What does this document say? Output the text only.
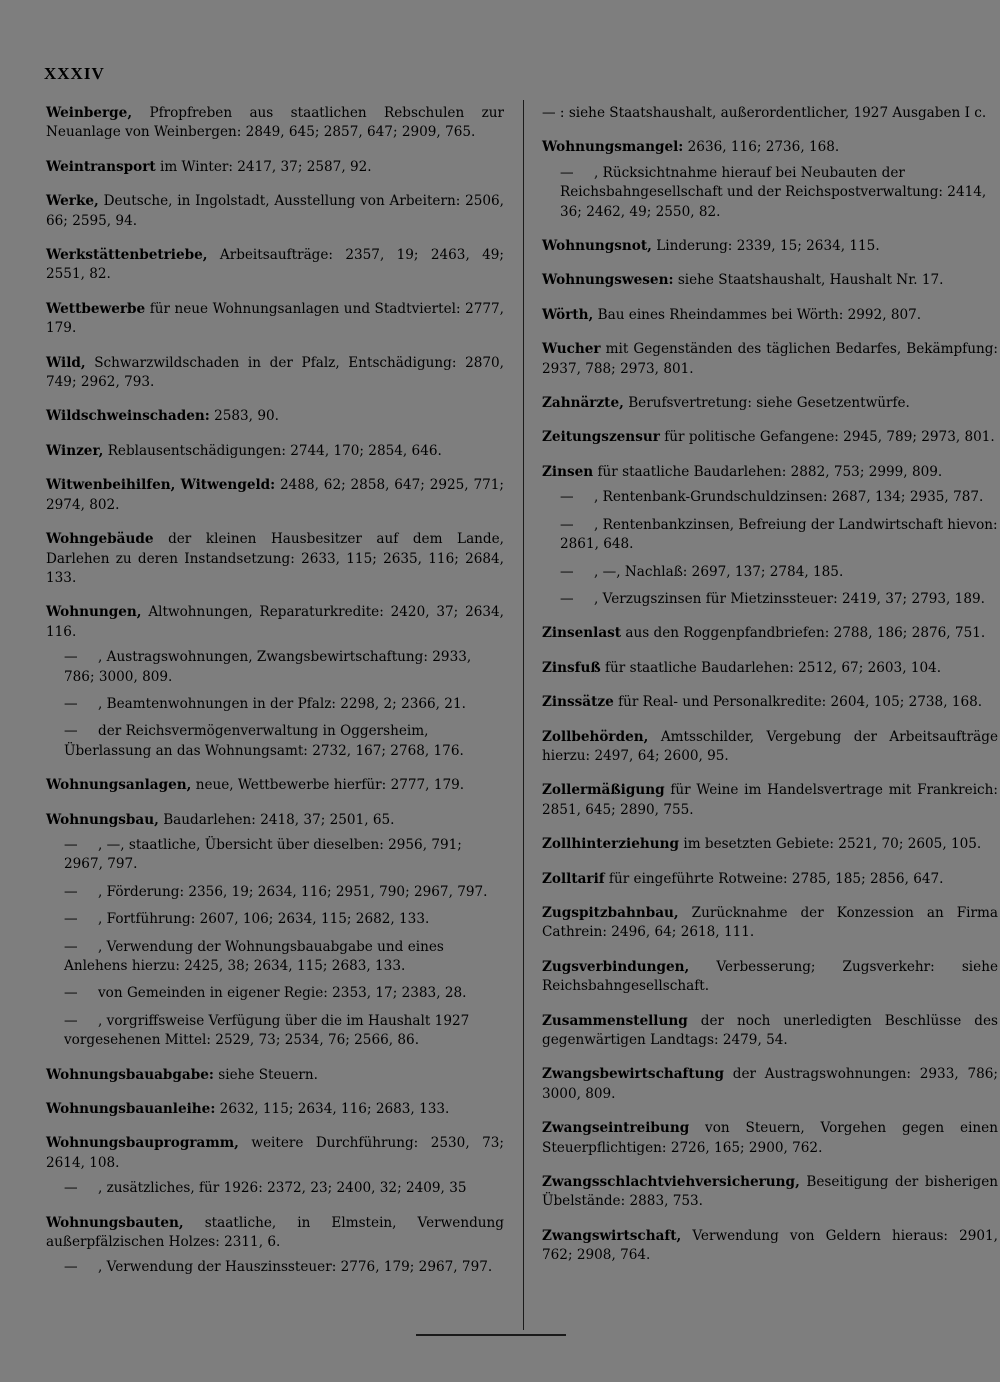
XXXIV
Weinberge, Pfropfreben aus staatlichen Rebschulen zur Neuanlage von Weinbergen: 2849, 645; 2857, 647; 2909, 765.
Weintransport im Winter: 2417, 37; 2587, 92.
Werke, Deutsche, in Ingolstadt, Ausstellung von Arbeitern: 2506, 66; 2595, 94.
Werkstättenbetriebe, Arbeitsaufträge: 2357, 19; 2463, 49; 2551, 82.
Wettbewerbe für neue Wohnungsanlagen und Stadtviertel: 2777, 179.
Wild, Schwarzwildschaden in der Pfalz, Entschädigung: 2870, 749; 2962, 793.
Wildschweinschaden: 2583, 90.
Winzer, Reblausentschädigungen: 2744, 170; 2854, 646.
Witwenbeihilfen, Witwengeld: 2488, 62; 2858, 647; 2925, 771; 2974, 802.
Wohngebäude der kleinen Hausbesitzer auf dem Lande, Darlehen zu deren Instandsetzung: 2633, 115; 2635, 116; 2684, 133.
Wohnungen, Altwohnungen, Reparaturkredite: 2420, 37; 2634, 116.
— , Austragswohnungen, Zwangsbewirtschaftung: 2933, 786; 3000, 809.
— , Beamtenwohnungen in der Pfalz: 2298, 2; 2366, 21.
— der Reichsvermögenverwaltung in Oggersheim, Überlassung an das Wohnungsamt: 2732, 167; 2768, 176.
Wohnungsanlagen, neue, Wettbewerbe hierfür: 2777, 179.
Wohnungsbau, Baudarlehen: 2418, 37; 2501, 65.
— , —, staatliche, Übersicht über dieselben: 2956, 791; 2967, 797.
— , Förderung: 2356, 19; 2634, 116; 2951, 790; 2967, 797.
— , Fortführung: 2607, 106; 2634, 115; 2682, 133.
— , Verwendung der Wohnungsbauabgabe und eines Anlehens hierzu: 2425, 38; 2634, 115; 2683, 133.
— von Gemeinden in eigener Regie: 2353, 17; 2383, 28.
— , vorgriffsweise Verfügung über die im Haushalt 1927 vorgesehenen Mittel: 2529, 73; 2534, 76; 2566, 86.
Wohnungsbauabgabe: siehe Steuern.
Wohnungsbauanleihe: 2632, 115; 2634, 116; 2683, 133.
Wohnungsbauprogramm, weitere Durchführung: 2530, 73; 2614, 108.
— , zusätzliches, für 1926: 2372, 23; 2400, 32; 2409, 35
Wohnungsbauten, staatliche, in Elmstein, Verwendung außerpfälzischen Holzes: 2311, 6.
— , Verwendung der Hauszinssteuer: 2776, 179; 2967, 797.
— : siehe Staatshaushalt, außerordentlicher, 1927 Ausgaben I c.
Wohnungsmangel: 2636, 116; 2736, 168.
— , Rücksichtnahme hierauf bei Neubauten der Reichsbahngesellschaft und der Reichspostverwaltung: 2414, 36; 2462, 49; 2550, 82.
Wohnungsnot, Linderung: 2339, 15; 2634, 115.
Wohnungswesen: siehe Staatshaushalt, Haushalt Nr. 17.
Wörth, Bau eines Rheindammes bei Wörth: 2992, 807.
Wucher mit Gegenständen des täglichen Bedarfes, Bekämpfung: 2937, 788; 2973, 801.
Zahnärzte, Berufsvertretung: siehe Gesetzentwürfe.
Zeitungszensur für politische Gefangene: 2945, 789; 2973, 801.
Zinsen für staatliche Baudarlehen: 2882, 753; 2999, 809.
— , Rentenbank-Grundschuldzinsen: 2687, 134; 2935, 787.
— , Rentenbankzinsen, Befreiung der Landwirtschaft hievon: 2861, 648.
— , —, Nachlaß: 2697, 137; 2784, 185.
— , Verzugszinsen für Mietzinssteuer: 2419, 37; 2793, 189.
Zinsenlast aus den Roggenpfandbriefen: 2788, 186; 2876, 751.
Zinsfuß für staatliche Baudarlehen: 2512, 67; 2603, 104.
Zinssätze für Real- und Personalkredite: 2604, 105; 2738, 168.
Zollbehörden, Amtsschilder, Vergebung der Arbeitsaufträge hierzu: 2497, 64; 2600, 95.
Zollermäßigung für Weine im Handelsvertrage mit Frankreich: 2851, 645; 2890, 755.
Zollhinterziehung im besetzten Gebiete: 2521, 70; 2605, 105.
Zolltarif für eingeführte Rotweine: 2785, 185; 2856, 647.
Zugspitzbahnbau, Zurücknahme der Konzession an Firma Cathrein: 2496, 64; 2618, 111.
Zugsverbindungen, Verbesserung; Zugsverkehr: siehe Reichsbahngesellschaft.
Zusammenstellung der noch unerledigten Beschlüsse des gegenwärtigen Landtags: 2479, 54.
Zwangsbewirtschaftung der Austragswohnungen: 2933, 786; 3000, 809.
Zwangseintreibung von Steuern, Vorgehen gegen einen Steuerpflichtigen: 2726, 165; 2900, 762.
Zwangsschlachtviehversicherung, Beseitigung der bisherigen Übelstände: 2883, 753.
Zwangswirtschaft, Verwendung von Geldern hieraus: 2901, 762; 2908, 764.
